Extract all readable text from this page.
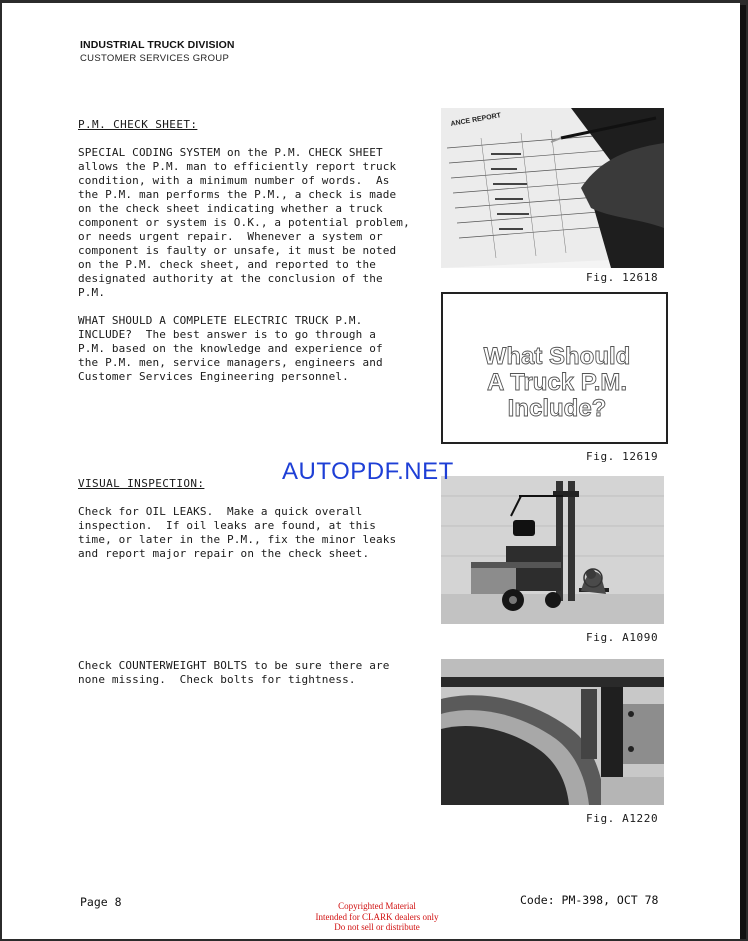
INDUSTRIAL TRUCK DIVISION
CUSTOMER SERVICES GROUP
P.M. CHECK SHEET:
SPECIAL CODING SYSTEM on the P.M. CHECK SHEET
allows the P.M. man to efficiently report truck
condition, with a minimum number of words.  As
the P.M. man performs the P.M., a check is made
on the check sheet indicating whether a truck
component or system is O.K., a potential problem,
or needs urgent repair.  Whenever a system or
component is faulty or unsafe, it must be noted
on the P.M. check sheet, and reported to the
designated authority at the conclusion of the
P.M.
WHAT SHOULD A COMPLETE ELECTRIC TRUCK P.M.
INCLUDE?  The best answer is to go through a
P.M. based on the knowledge and experience of
the P.M. men, service managers, engineers and
Customer Services Engineering personnel.
VISUAL INSPECTION:
Check for OIL LEAKS.  Make a quick overall
inspection.  If oil leaks are found, at this
time, or later in the P.M., fix the minor leaks
and report major repair on the check sheet.
Check COUNTERWEIGHT BOLTS to be sure there are
none missing.  Check bolts for tightness.
ANCE REPORT
Fig. 12618
What Should
A Truck P.M.
Include?
Fig. 12619
Fig. A1090
Fig. A1220
AUTOPDF.NET
Page 8	Code: PM-398, OCT 78
Copyrighted Material
Intended for CLARK dealers only
Do not sell or distribute
